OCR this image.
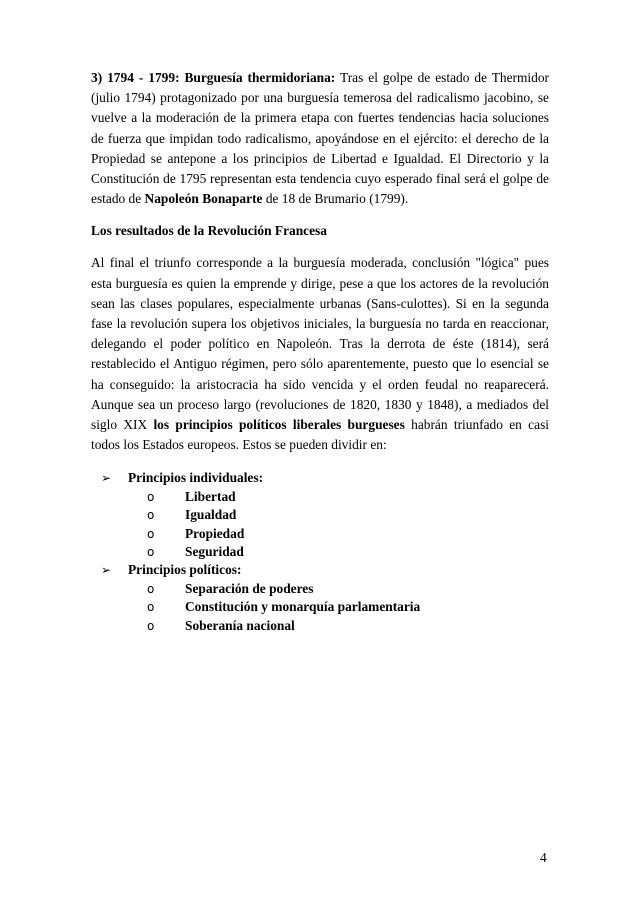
3) 1794 - 1799: Burguesía thermidoriana: Tras el golpe de estado de Thermidor (julio 1794) protagonizado por una burguesía temerosa del radicalismo jacobino, se vuelve a la moderación de la primera etapa con fuertes tendencias hacia soluciones de fuerza que impidan todo radicalismo, apoyándose en el ejército: el derecho de la Propiedad se antepone a los principios de Libertad e Igualdad. El Directorio y la Constitución de 1795 representan esta tendencia cuyo esperado final será el golpe de estado de Napoleón Bonaparte de 18 de Brumario (1799).

Los resultados de la Revolución Francesa

Al final el triunfo corresponde a la burguesía moderada, conclusión "lógica" pues esta burguesía es quien la emprende y dirige, pese a que los actores de la revolución sean las clases populares, especialmente urbanas (Sans-culottes). Si en la segunda fase la revolución supera los objetivos iniciales, la burguesía no tarda en reaccionar, delegando el poder político en Napoleón. Tras la derrota de éste (1814), será restablecido el Antiguo régimen, pero sólo aparentemente, puesto que lo esencial se ha conseguido: la aristocracia ha sido vencida y el orden feudal no reaparecerá. Aunque sea un proceso largo (revoluciones de 1820, 1830 y 1848), a mediados del siglo XIX los principios políticos liberales burgueses habrán triunfado en casi todos los Estados europeos. Estos se pueden dividir en:

➢ Principios individuales:
o Libertad
o Igualdad
o Propiedad
o Seguridad
➢ Principios políticos:
o Separación de poderes
o Constitución y monarquía parlamentaria
o Soberanía nacional
4
